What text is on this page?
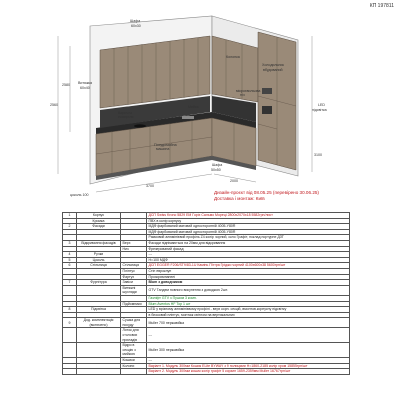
КП 197811
Витяжка
60х40
Шафа
60х30
Варочна
поверхня
Мийка
Колонка
Духова
мікрохвильова
піч
Холодильник
вбудований
Посудомийна
машина
Шафа
50х50
LED
підсвітка
цоколь 100
2560
2580
3100
3700
2000
Дизайн-проєкт від 08.05.25 (перевірено 30.06.25)
Доставка і монтаж: Київ
1	Корпус		ДСП Swiss Krono 5829 ЕМ Горіх Сальмо Мореці 2800х2070х18 5582грн/лист
	Кромка		ПВХ в колір корпусу
2	Фасади		МДФ фарбований матовий односторонній 4005-Y80R
			МДФ фарбований матовий односторонній 4005-Y80R
			Рамковий алюмінієвий профіль Z4 колір чорний, скло Графіт, поклад портурне ДЗТ
3	Відкривання фасадів	Верх	Фасади піднімаються на 20мм для відкривання
		Низ	Фрезерований фасад
4	Ручки		---
5	Цоколь		Н=100 МДФ
6	Стільниця	Стільниця	ДСП EGGER F206/ST9/83-1U Камінь П'єтра Гріджо чорний 4100х600х38 5600грн/шт
		Плінтус	Стін евроклуп
		Фартух	Прозоримпанелі
7	Фурнітура	Завіси	Blum з доводчиком
		Витяжні шухляди	GTV Тандем повного висунення з доводкою 2шт.
			Газліфт GTV з Пушом 3 комп.
		Підйомники	Blum Aventos HF Top 1 шт
8	Підсвітка		LED у врізному алюмінієвому профілі - верх корп. секцій, вмонтов.корпусну підсвітку
			в блоковий плінтус, монтаж світлом на вертикальних
9	Дод. комплектація (включено)	Сушка для посуду	Muller 700 нержавійка
		Лоток для столових приладів	---
		Відро в секцію з мийкою	Muller 300 нержавійка
		Кошики	---
		Колони	Варіант 1. Модуль 300мм Кошик ELite BYWAY з 9 полицями Н=1860-2185 колір хром 15855грн/шт
			Варіант 2. Модуль 300мм кошик колір графіт 5 корзин 1659-2359мм Muller 16767грн/шт
